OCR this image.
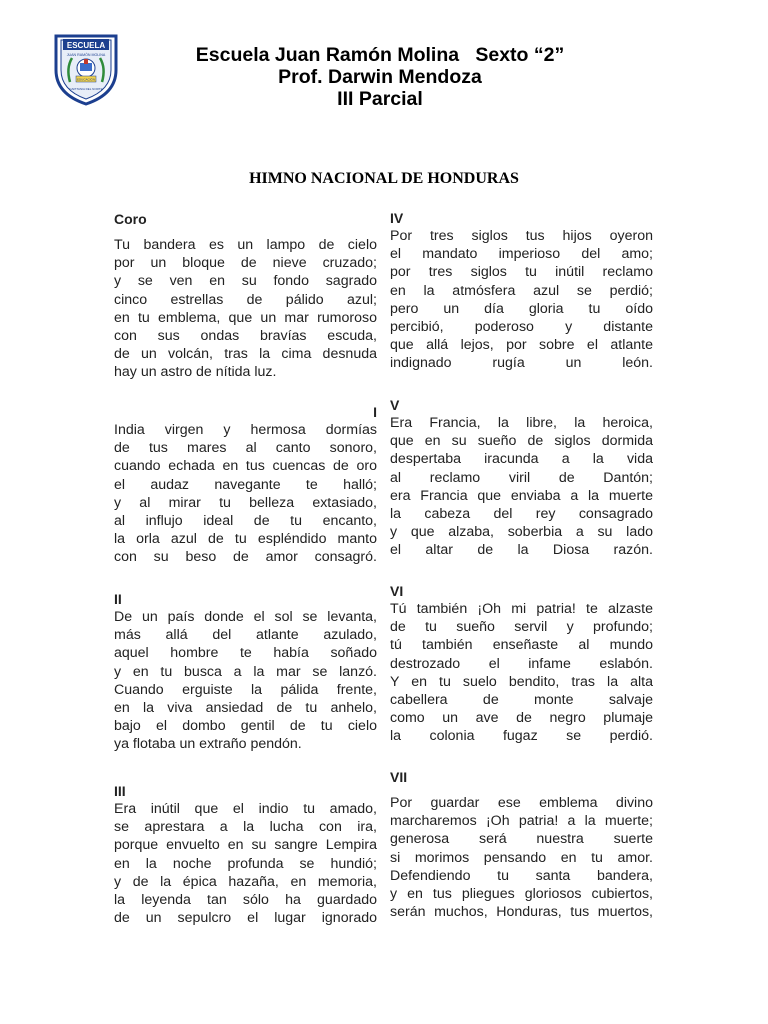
ESCUELA
JUAN RAMÓN MOLINA
EDUCACIÓN
CAPITANIA DEL NORTE
Escuela Juan Ramón Molina   Sexto “2”
Prof. Darwin Mendoza
III Parcial
HIMNO NACIONAL DE HONDURAS
Coro
Tu bandera es un lampo de cielo
por un bloque de nieve cruzado;
y se ven en su fondo sagrado
cinco estrellas de pálido azul;
en tu emblema, que un mar rumoroso
con sus ondas bravías escuda,
de un volcán, tras la cima desnuda
hay un astro de nítida luz.
I
India virgen y hermosa dormías
de tus mares al canto sonoro,
cuando echada en tus cuencas de oro
el audaz navegante te halló;
y al mirar tu belleza extasiado,
al influjo ideal de tu encanto,
la orla azul de tu espléndido manto
con su beso de amor consagró.
II
De un país donde el sol se levanta,
más allá del atlante azulado,
aquel hombre te había soñado
y en tu busca a la mar se lanzó.
Cuando erguiste la pálida frente,
en la viva ansiedad de tu anhelo,
bajo el dombo gentil de tu cielo
ya flotaba un extraño pendón.
III
Era inútil que el indio tu amado,
se aprestara a la lucha con ira,
porque envuelto en su sangre Lempira
en la noche profunda se hundió;
y de la épica hazaña, en memoria,
la leyenda tan sólo ha guardado
de un sepulcro el lugar ignorado
IV
Por tres siglos tus hijos oyeron
el mandato imperioso del amo;
por tres siglos tu inútil reclamo
en la atmósfera azul se perdió;
pero un día gloria tu oído
percibió, poderoso y distante
que allá lejos, por sobre el atlante
indignado rugía un león.
V
Era Francia, la libre, la heroica,
que en su sueño de siglos dormida
despertaba iracunda a la vida
al reclamo viril de Dantón;
era Francia que enviaba a la muerte
la cabeza del rey consagrado
y que alzaba, soberbia a su lado
el altar de la Diosa razón.
VI
Tú también ¡Oh mi patria! te alzaste
de tu sueño servil y profundo;
tú también enseñaste al mundo
destrozado el infame eslabón.
Y en tu suelo bendito, tras la alta
cabellera de monte salvaje
como un ave de negro plumaje
la colonia fugaz se perdió.
VII
Por guardar ese emblema divino
marcharemos ¡Oh patria! a la muerte;
generosa será nuestra suerte
si morimos pensando en tu amor.
Defendiendo tu santa bandera,
y en tus pliegues gloriosos cubiertos,
serán muchos, Honduras, tus muertos,
